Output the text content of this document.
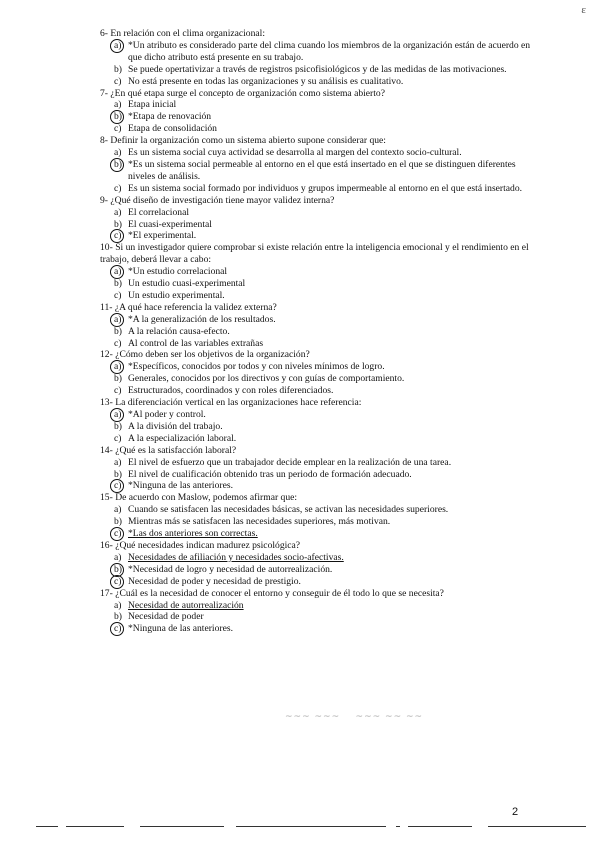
ε

6- En relación con el clima organizacional:

a) *Un atributo es considerado parte del clima cuando los miembros de la organización están de acuerdo en que dicho atributo está presente en su trabajo.

b) Se puede opertativizar a través de registros psicofisiológicos y de las medidas de las motivaciones.

c) No está presente en todas las organizaciones y su análisis es cualitativo.

7- ¿En qué etapa surge el concepto de organización como sistema abierto?

a) Etapa inicial

b) *Etapa de renovación

c) Etapa de consolidación

8- Definir la organización como un sistema abierto supone considerar que:

a) Es un sistema social cuya actividad se desarrolla al margen del contexto socio-cultural.

b) *Es un sistema social permeable al entorno en el que está insertado en el que se distinguen diferentes niveles de análisis.

c) Es un sistema social formado por individuos y grupos impermeable al entorno en el que está insertado.

9- ¿Qué diseño de investigación tiene mayor validez interna?

a) El correlacional

b) El cuasi-experimental

c) *El experimental.

10- Si un investigador quiere comprobar si existe relación entre la inteligencia emocional y el rendimiento en el trabajo, deberá llevar a cabo:

a) *Un estudio correlacional

b) Un estudio cuasi-experimental

c) Un estudio experimental.

11- ¿A qué hace referencia la validez externa?

a) *A la generalización de los resultados.

b) A la relación causa-efecto.

c) Al control de las variables extrañas

12- ¿Cómo deben ser los objetivos de la organización?

a) *Específicos, conocidos por todos y con niveles mínimos de logro.

b) Generales, conocidos por los directivos y con guías de comportamiento.

c) Estructurados, coordinados y con roles diferenciados.

13- La diferenciación vertical en las organizaciones hace referencia:

a) *Al poder y control.

b) A la división del trabajo.

c) A la especialización laboral.

14- ¿Qué es la satisfacción laboral?

a) El nivel de esfuerzo que un trabajador decide emplear en la realización de una tarea.

b) El nivel de cualificación obtenido tras un periodo de formación adecuado.

c) *Ninguna de las anteriores.

15- De acuerdo con Maslow, podemos afirmar que:

a) Cuando se satisfacen las necesidades básicas, se activan las necesidades superiores.

b) Mientras más se satisfacen las necesidades superiores, más motivan.

c) *Las dos anteriores son correctas.

16- ¿Qué necesidades indican madurez psicológica?

a) Necesidades de afiliación y necesidades socio-afectivas.

b) *Necesidad de logro y necesidad de autorrealización.

c) Necesidad de poder y necesidad de prestigio.

17- ¿Cuál es la necesidad de conocer el entorno y conseguir de él todo lo que se necesita?

a) Necesidad de autorrealización

b) Necesidad de poder

c) *Ninguna de las anteriores.

~~~ ~~~    ~~~ ~~ ~~
2
